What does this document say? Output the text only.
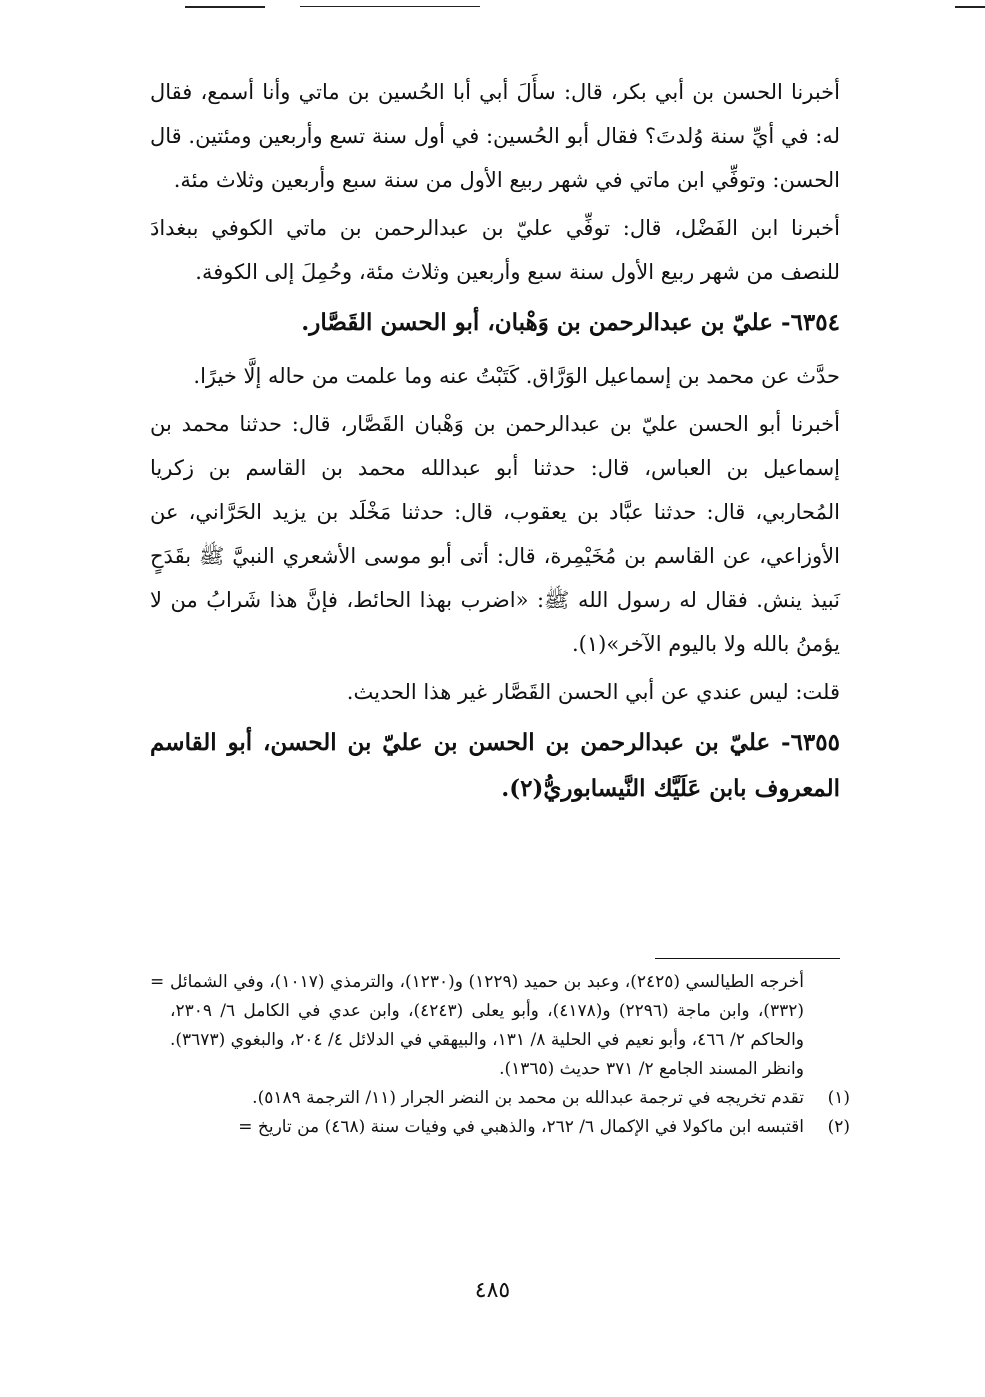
أخبرنا الحسن بن أبي بكر، قال: سأَلَ أبي أبا الحُسين بن ماتي وأنا أسمع، فقال له: في أيِّ سنة وُلدتَ؟ فقال أبو الحُسين: في أول سنة تسع وأربعين ومئتين. قال الحسن: وتوفِّي ابن ماتي في شهر ربيع الأول من سنة سبع وأربعين وثلاث مئة.

أخبرنا ابن الفَضْل، قال: توفِّي عليّ بن عبدالرحمن بن ماتي الكوفي ببغدادَ للنصف من شهر ربيع الأول سنة سبع وأربعين وثلاث مئة، وحُمِلَ إلى الكوفة.

٦٣٥٤- عليّ بن عبدالرحمن بن وَهْبان، أبو الحسن القَصَّار.

حدَّث عن محمد بن إسماعيل الوَرَّاق. كَتَبْتُ عنه وما علمت من حاله إلَّا خيرًا.

أخبرنا أبو الحسن عليّ بن عبدالرحمن بن وَهْبان القَصَّار، قال: حدثنا محمد بن إسماعيل بن العباس، قال: حدثنا أبو عبدالله محمد بن القاسم بن زكريا المُحاربي، قال: حدثنا عبَّاد بن يعقوب، قال: حدثنا مَخْلَد بن يزيد الحَرَّاني، عن الأوزاعي، عن القاسم بن مُخَيْمِرة، قال: أتى أبو موسى الأشعري النبيَّ ﷺ بقَدَحٍ نَبيذ ينش. فقال له رسول الله ﷺ: «اضرب بهذا الحائط، فإنَّ هذا شَرابُ من لا يؤمنُ بالله ولا باليوم الآخر»(١).

قلت: ليس عندي عن أبي الحسن القَصَّار غير هذا الحديث.

٦٣٥٥- عليّ بن عبدالرحمن بن الحسن بن عليّ بن الحسن، أبو القاسم المعروف بابن عَلَيَّك النَّيسابوريُّ(٢).

أخرجه الطيالسي (٢٤٢٥)، وعبد بن حميد (١٢٢٩) و(١٢٣٠)، والترمذي (١٠١٧)، وفي الشمائل (٣٣٢)، وابن ماجة (٢٢٩٦) و(٤١٧٨)، وأبو يعلى (٤٢٤٣)، وابن عدي في الكامل ٦/ ٢٣٠٩، والحاكم ٢/ ٤٦٦، وأبو نعيم في الحلية ٨/ ١٣١، والبيهقي في الدلائل ٤/ ٢٠٤، والبغوي (٣٦٧٣). وانظر المسند الجامع ٢/ ٣٧١ حديث (١٣٦٥).
=
(١)
تقدم تخريجه في ترجمة عبدالله بن محمد بن النضر الجرار (١١/ الترجمة ٥١٨٩).
(٢)
اقتبسه ابن ماكولا في الإكمال ٦/ ٢٦٢، والذهبي في وفيات سنة (٤٦٨) من تاريخ =
٤٨٥
